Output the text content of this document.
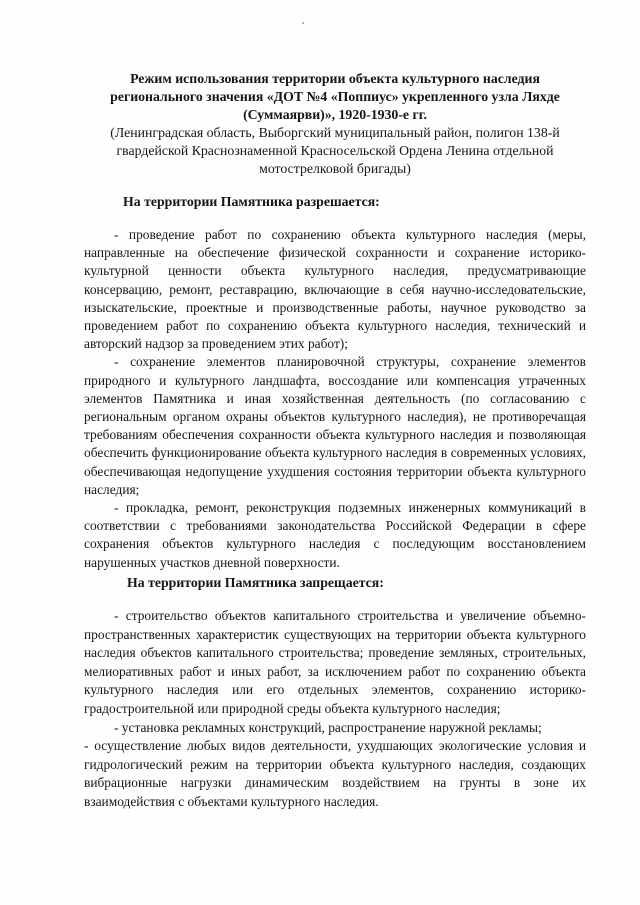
Режим использования территории объекта культурного наследия регионального значения «ДОТ №4 «Поппиус» укрепленного узла Ляхде (Суммаярви)», 1920-1930-е гг.

(Ленинградская область, Выборгский муниципальный район, полигон 138-й гвардейской Краснознаменной Красносельской Ордена Ленина отдельной мотострелковой бригады)

На территории Памятника разрешается:

- проведение работ по сохранению объекта культурного наследия (меры, направленные на обеспечение физической сохранности и сохранение историко-культурной ценности объекта культурного наследия, предусматривающие консервацию, ремонт, реставрацию, включающие в себя научно-исследовательские, изыскательские, проектные и производственные работы, научное руководство за проведением работ по сохранению объекта культурного наследия, технический и авторский надзор за проведением этих работ);

- сохранение элементов планировочной структуры, сохранение элементов природного и культурного ландшафта, воссоздание или компенсация утраченных элементов Памятника и иная хозяйственная деятельность (по согласованию с региональным органом охраны объектов культурного наследия), не противоречащая требованиям обеспечения сохранности объекта культурного наследия и позволяющая обеспечить функционирование объекта культурного наследия в современных условиях, обеспечивающая недопущение ухудшения состояния территории объекта культурного наследия;

- прокладка, ремонт, реконструкция подземных инженерных коммуникаций в соответствии с требованиями законодательства Российской Федерации в сфере сохранения объектов культурного наследия с последующим восстановлением нарушенных участков дневной поверхности.

На территории Памятника запрещается:

- строительство объектов капитального строительства и увеличение объемно-пространственных характеристик существующих на территории объекта культурного наследия объектов капитального строительства; проведение земляных, строительных, мелиоративных работ и иных работ, за исключением работ по сохранению объекта культурного наследия или его отдельных элементов, сохранению историко-градостроительной или природной среды объекта культурного наследия;

- установка рекламных конструкций, распространение наружной рекламы;

- осуществление любых видов деятельности, ухудшающих экологические условия и гидрологический режим на территории объекта культурного наследия, создающих вибрационные нагрузки динамическим воздействием на грунты в зоне их взаимодействия с объектами культурного наследия.
